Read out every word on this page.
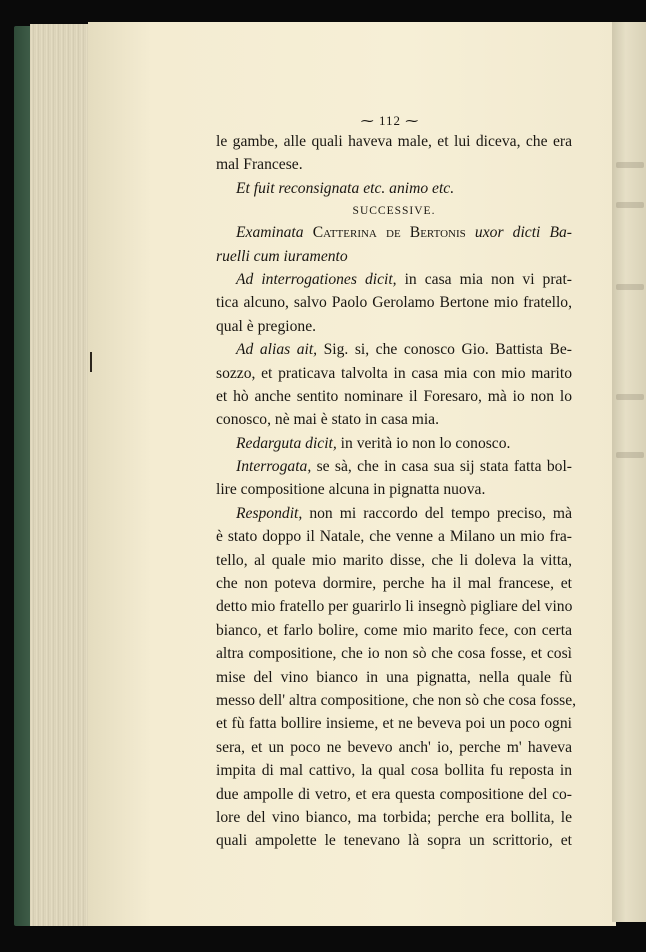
⁓ 112 ⁓
le gambe, alle quali haveva male, et lui diceva, che era
mal Francese.
Et fuit reconsignata etc. animo etc.
SUCCESSIVE.
Examinata Catterina de Bertonis uxor dicti Ba-
ruelli cum iuramento
Ad interrogationes dicit, in casa mia non vi prat-
tica alcuno, salvo Paolo Gerolamo Bertone mio fratello,
qual è pregione.
Ad alias ait, Sig. si, che conosco Gio. Battista Be-
sozzo, et praticava talvolta in casa mia con mio marito
et hò anche sentito nominare il Foresaro, mà io non lo
conosco, nè mai è stato in casa mia.
Redarguta dicit, in verità io non lo conosco.
Interrogata, se sà, che in casa sua sij stata fatta bol-
lire compositione alcuna in pignatta nuova.
Respondit, non mi raccordo del tempo preciso, mà
è stato doppo il Natale, che venne a Milano un mio fra-
tello, al quale mio marito disse, che li doleva la vitta,
che non poteva dormire, perche ha il mal francese, et
detto mio fratello per guarirlo li insegnò pigliare del vino
bianco, et farlo bolire, come mio marito fece, con certa
altra compositione, che io non sò che cosa fosse, et così
mise del vino bianco in una pignatta, nella quale fù
messo dell' altra compositione, che non sò che cosa fosse,
et fù fatta bollire insieme, et ne beveva poi un poco ogni
sera, et un poco ne bevevo anch' io, perche m' haveva
impita di mal cattivo, la qual cosa bollita fu reposta in
due ampolle di vetro, et era questa compositione del co-
lore del vino bianco, ma torbida; perche era bollita, le
quali ampolette le tenevano là sopra un scrittorio, et
